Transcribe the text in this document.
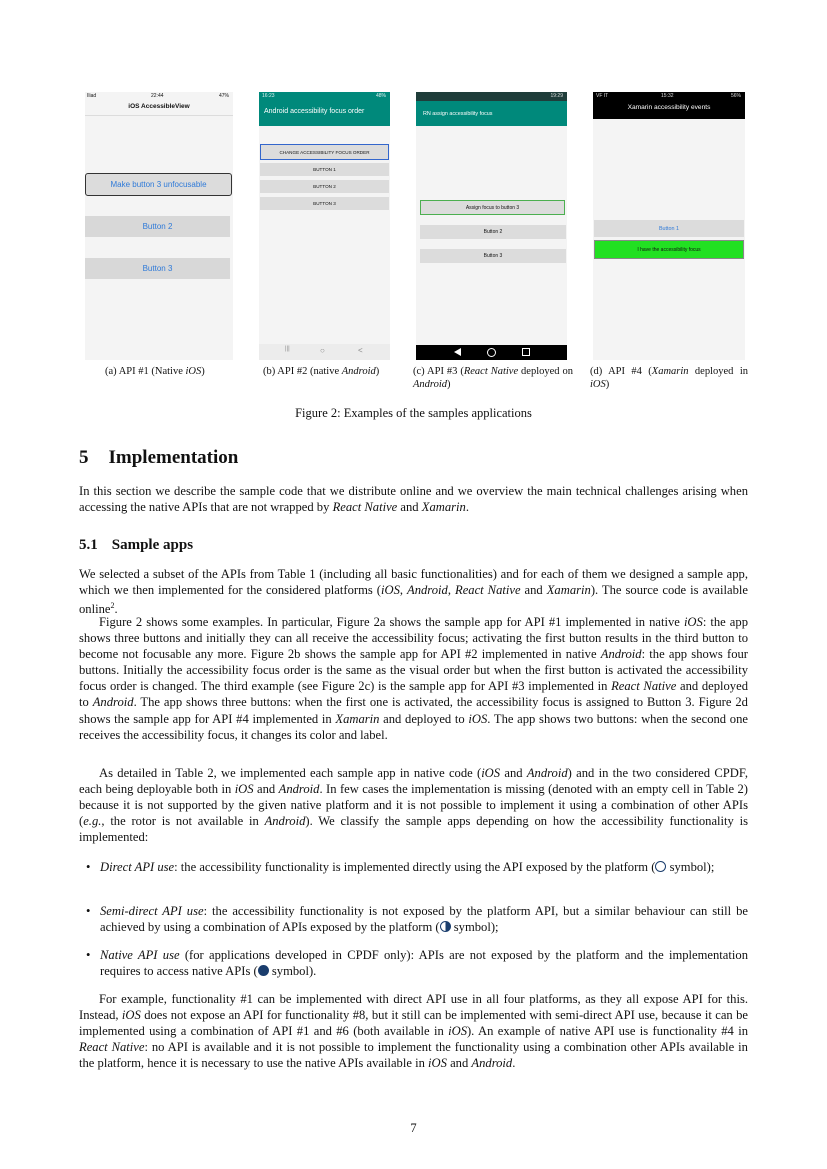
Iliad	22:44	47%
iOS AccessibleView
Make button 3 unfocusable
Button 2
Button 3
16:23	48%
Android accessibility focus order
CHANGE ACCESSIBILITY FOCUS ORDER
BUTTON 1
BUTTON 2
BUTTON 3
|||	○	<
19:29
RN assign accessibility focus
Assign focus to button 3
Button 2
Button 3
VF IT	15:32	56%
Xamarin accessibility events
Button 1
I have the accessibility focus
(a) API #1 (Native iOS)	(b) API #2 (native Android)	(c) API #3 (React Native deployed on Android)
(d) API #4 (Xamarin deployed in iOS)
Figure 2: Examples of the samples applications
5 Implementation

In this section we describe the sample code that we distribute online and we overview the main technical challenges arising when accessing the native APIs that are not wrapped by React Native and Xamarin.

5.1 Sample apps

We selected a subset of the APIs from Table 1 (including all basic functionalities) and for each of them we designed a sample app, which we then implemented for the considered platforms (iOS, Android, React Native and Xamarin). The source code is available online$^2$.

Figure 2 shows some examples. In particular, Figure 2a shows the sample app for API #1 implemented in native iOS: the app shows three buttons and initially they can all receive the accessibility focus; activating the first button results in the third button to become not focusable any more. Figure 2b shows the sample app for API #2 implemented in native Android: the app shows four buttons. Initially the accessibility focus order is the same as the visual order but when the first button is activated the accessibility focus order is changed. The third example (see Figure 2c) is the sample app for API #3 implemented in React Native and deployed to Android. The app shows three buttons: when the first one is activated, the accessibility focus is assigned to Button 3. Figure 2d shows the sample app for API #4 implemented in Xamarin and deployed to iOS. The app shows two buttons: when the second one receives the accessibility focus, it changes its color and label.

As detailed in Table 2, we implemented each sample app in native code (iOS and Android) and in the two considered CPDF, each being deployable both in iOS and Android. In few cases the implementation is missing (denoted with an empty cell in Table 2) because it is not supported by the given native platform and it is not possible to implement it using a combination of other APIs (e.g., the rotor is not available in Android). We classify the sample apps depending on how the accessibility functionality is implemented:

• Direct API use: the accessibility functionality is implemented directly using the API exposed by the platform ( symbol);
• Semi-direct API use: the accessibility functionality is not exposed by the platform API, but a similar behaviour can still be achieved by using a combination of APIs exposed by the platform ( symbol);
• Native API use (for applications developed in CPDF only): APIs are not exposed by the platform and the implementation requires to access native APIs ( symbol).

For example, functionality #1 can be implemented with direct API use in all four platforms, as they all expose API for this. Instead, iOS does not expose an API for functionality #8, but it still can be implemented with semi-direct API use, because it can be implemented using a combination of API #1 and #6 (both available in iOS). An example of native API use is functionality #4 in React Native: no API is available and it is not possible to implement the functionality using a combination other APIs available in the platform, hence it is necessary to use the native APIs available in iOS and Android.

7
